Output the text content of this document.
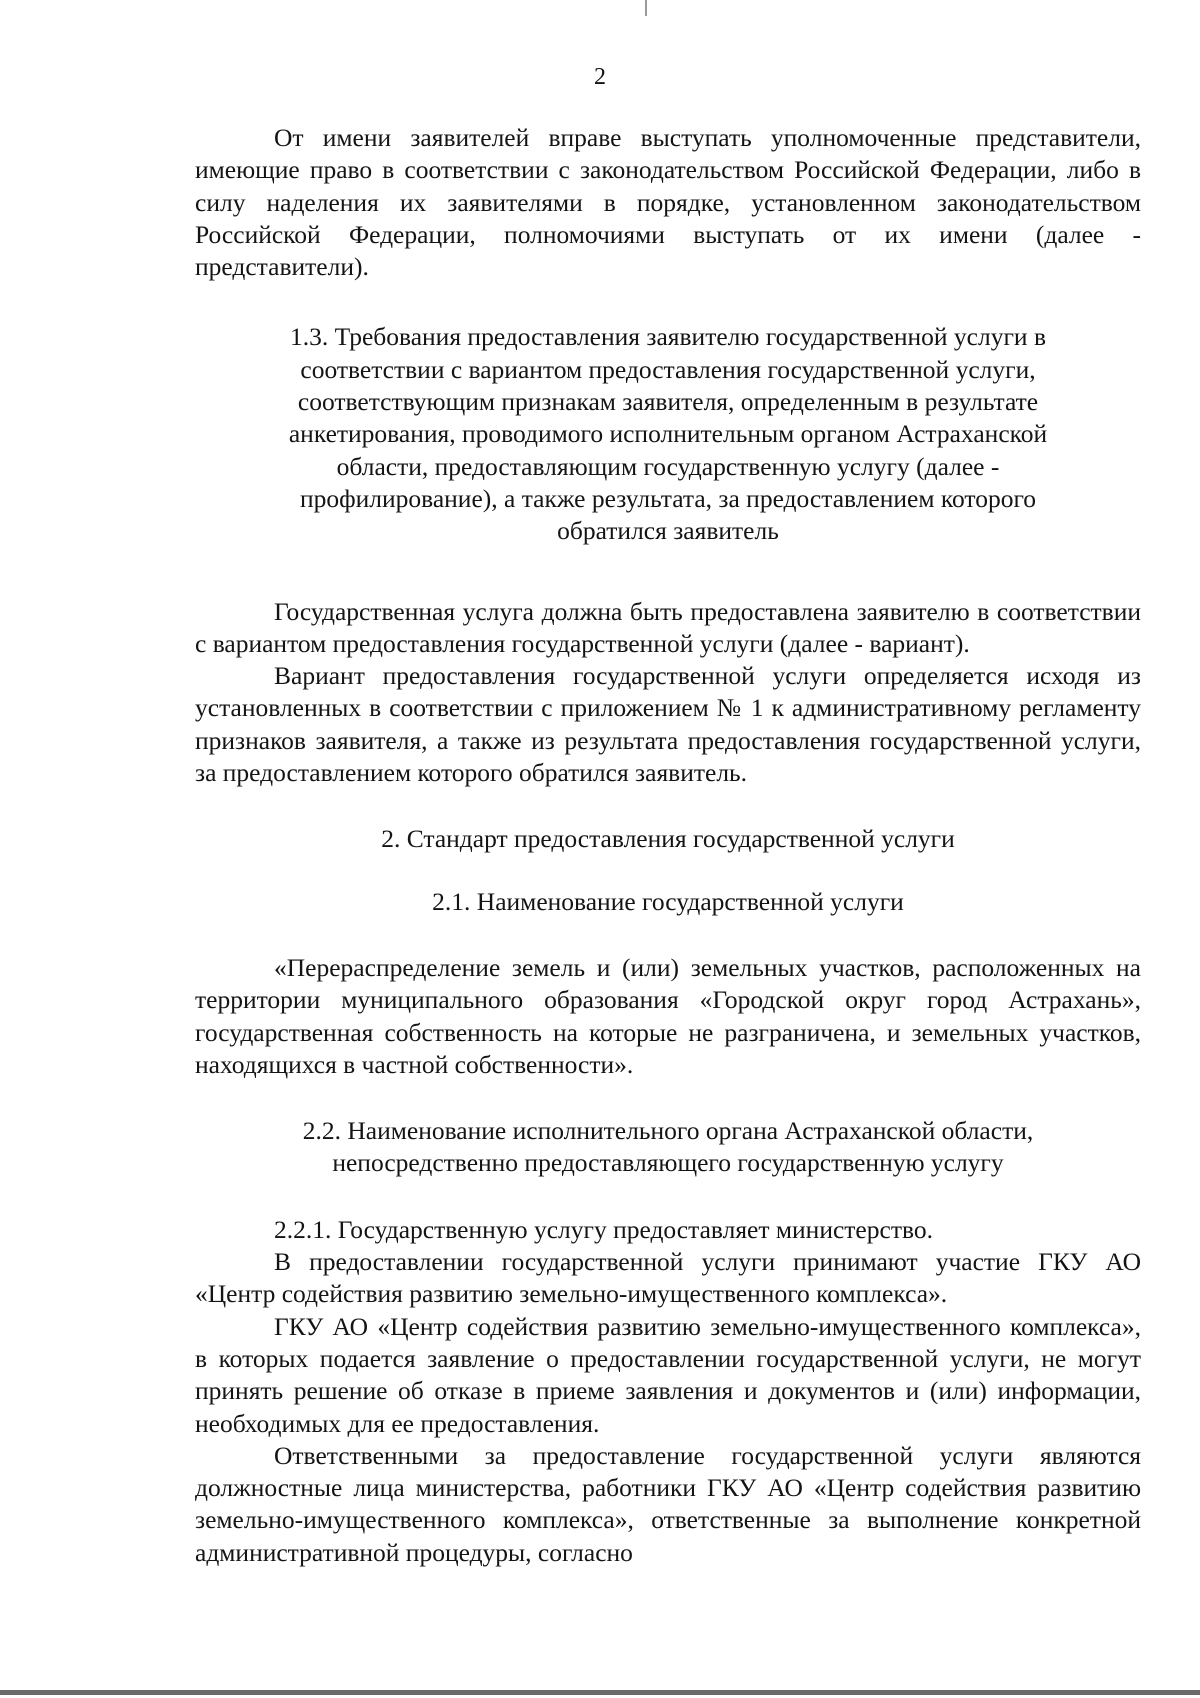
2

От имени заявителей вправе выступать уполномоченные представители, имеющие право в соответствии с законодательством Российской Федерации, либо в силу наделения их заявителями в порядке, установленном законодательством Российской Федерации, полномочиями выступать от их имени (далее - представители).

1.3. Требования предоставления заявителю государственной услуги в
соответствии с вариантом предоставления государственной услуги,
соответствующим признакам заявителя, определенным в результате
анкетирования, проводимого исполнительным органом Астраханской
области, предоставляющим государственную услугу (далее -
профилирование), а также результата, за предоставлением которого
обратился заявитель

Государственная услуга должна быть предоставлена заявителю в соответствии с вариантом предоставления государственной услуги (далее - вариант).

Вариант предоставления государственной услуги определяется исходя из установленных в соответствии с приложением № 1 к административному регламенту признаков заявителя, а также из результата предоставления государственной услуги, за предоставлением которого обратился заявитель.

2. Стандарт предоставления государственной услуги
2.1. Наименование государственной услуги

«Перераспределение земель и (или) земельных участков, расположенных на территории муниципального образования «Городской округ город Астрахань», государственная собственность на которые не разграничена, и земельных участков, находящихся в частной собственности».

2.2. Наименование исполнительного органа Астраханской области,
непосредственно предоставляющего государственную услугу

2.2.1. Государственную услугу предоставляет министерство.

В предоставлении государственной услуги принимают участие ГКУ АО «Центр содействия развитию земельно-имущественного комплекса».

ГКУ АО «Центр содействия развитию земельно-имущественного комплекса», в которых подается заявление о предоставлении государственной услуги, не могут принять решение об отказе в приеме заявления и документов и (или) информации, необходимых для ее предоставления.

Ответственными за предоставление государственной услуги являются должностные лица министерства, работники ГКУ АО «Центр содействия развитию земельно-имущественного комплекса», ответственные за выполнение конкретной административной процедуры, согласно
